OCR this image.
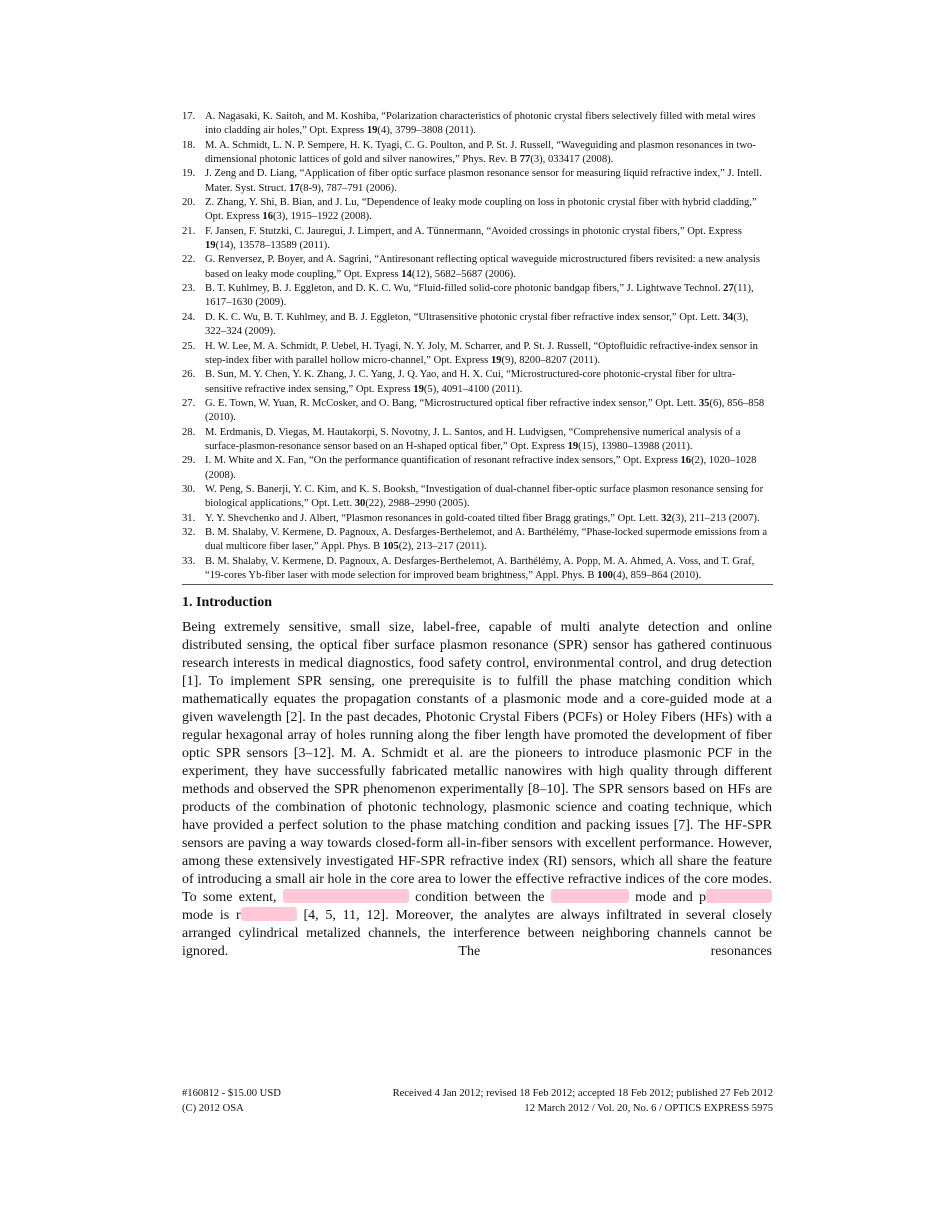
17. A. Nagasaki, K. Saitoh, and M. Koshiba, “Polarization characteristics of photonic crystal fibers selectively filled with metal wires into cladding air holes,” Opt. Express 19(4), 3799–3808 (2011).
18. M. A. Schmidt, L. N. P. Sempere, H. K. Tyagi, C. G. Poulton, and P. St. J. Russell, “Waveguiding and plasmon resonances in two-dimensional photonic lattices of gold and silver nanowires,” Phys. Rev. B 77(3), 033417 (2008).
19. J. Zeng and D. Liang, “Application of fiber optic surface plasmon resonance sensor for measuring liquid refractive index,” J. Intell. Mater. Syst. Struct. 17(8-9), 787–791 (2006).
20. Z. Zhang, Y. Shi, B. Bian, and J. Lu, “Dependence of leaky mode coupling on loss in photonic crystal fiber with hybrid cladding,” Opt. Express 16(3), 1915–1922 (2008).
21. F. Jansen, F. Stutzki, C. Jauregui, J. Limpert, and A. Tünnermann, “Avoided crossings in photonic crystal fibers,” Opt. Express 19(14), 13578–13589 (2011).
22. G. Renversez, P. Boyer, and A. Sagrini, “Antiresonant reflecting optical waveguide microstructured fibers revisited: a new analysis based on leaky mode coupling,” Opt. Express 14(12), 5682–5687 (2006).
23. B. T. Kuhlmey, B. J. Eggleton, and D. K. C. Wu, “Fluid-filled solid-core photonic bandgap fibers,” J. Lightwave Technol. 27(11), 1617–1630 (2009).
24. D. K. C. Wu, B. T. Kuhlmey, and B. J. Eggleton, “Ultrasensitive photonic crystal fiber refractive index sensor,” Opt. Lett. 34(3), 322–324 (2009).
25. H. W. Lee, M. A. Schmidt, P. Uebel, H. Tyagi, N. Y. Joly, M. Scharrer, and P. St. J. Russell, “Optofluidic refractive-index sensor in step-index fiber with parallel hollow micro-channel,” Opt. Express 19(9), 8200–8207 (2011).
26. B. Sun, M. Y. Chen, Y. K. Zhang, J. C. Yang, J. Q. Yao, and H. X. Cui, “Microstructured-core photonic-crystal fiber for ultra-sensitive refractive index sensing,” Opt. Express 19(5), 4091–4100 (2011).
27. G. E. Town, W. Yuan, R. McCosker, and O. Bang, “Microstructured optical fiber refractive index sensor,” Opt. Lett. 35(6), 856–858 (2010).
28. M. Erdmanis, D. Viegas, M. Hautakorpi, S. Novotny, J. L. Santos, and H. Ludvigsen, “Comprehensive numerical analysis of a surface-plasmon-resonance sensor based on an H-shaped optical fiber,” Opt. Express 19(15), 13980–13988 (2011).
29. I. M. White and X. Fan, “On the performance quantification of resonant refractive index sensors,” Opt. Express 16(2), 1020–1028 (2008).
30. W. Peng, S. Banerji, Y. C. Kim, and K. S. Booksh, “Investigation of dual-channel fiber-optic surface plasmon resonance sensing for biological applications,” Opt. Lett. 30(22), 2988–2990 (2005).
31. Y. Y. Shevchenko and J. Albert, “Plasmon resonances in gold-coated tilted fiber Bragg gratings,” Opt. Lett. 32(3), 211–213 (2007).
32. B. M. Shalaby, V. Kermene, D. Pagnoux, A. Desfarges-Berthelemot, and A. Barthélémy, “Phase-locked supermode emissions from a dual multicore fiber laser,” Appl. Phys. B 105(2), 213–217 (2011).
33. B. M. Shalaby, V. Kermene, D. Pagnoux, A. Desfarges-Berthelemot, A. Barthélémy, A. Popp, M. A. Ahmed, A. Voss, and T. Graf, “19-cores Yb-fiber laser with mode selection for improved beam brightness,” Appl. Phys. B 100(4), 859–864 (2010).
1. Introduction

Being extremely sensitive, small size, label-free, capable of multi analyte detection and online distributed sensing, the optical fiber surface plasmon resonance (SPR) sensor has gathered continuous research interests in medical diagnostics, food safety control, environmental control, and drug detection [1]. To implement SPR sensing, one prerequisite is to fulfill the phase matching condition which mathematically equates the propagation constants of a plasmonic mode and a core-guided mode at a given wavelength [2]. In the past decades, Photonic Crystal Fibers (PCFs) or Holey Fibers (HFs) with a regular hexagonal array of holes running along the fiber length have promoted the development of fiber optic SPR sensors [3–12]. M. A. Schmidt et al. are the pioneers to introduce plasmonic PCF in the experiment, they have successfully fabricated metallic nanowires with high quality through different methods and observed the SPR phenomenon experimentally [8–10]. The SPR sensors based on HFs are products of the combination of photonic technology, plasmonic science and coating technique, which have provided a perfect solution to the phase matching condition and packing issues [7]. The HF-SPR sensors are paving a way towards closed-form all-in-fiber sensors with excellent performance. However, among these extensively investigated HF-SPR refractive index (RI) sensors, which all share the feature of introducing a small air hole in the core area to lower the effective refractive indices of the core modes. To some extent,	condition between the	mode and pmode is r	[4, 5, 11, 12]. Moreover, the analytes are always infiltrated in several closely arranged cylindrical metalized channels, the interference between neighboring channels cannot be ignored. The resonances

#160812 - $15.00 USD	Received 4 Jan 2012; revised 18 Feb 2012; accepted 18 Feb 2012; published 27 Feb 2012
(C) 2012 OSA	12 March 2012 / Vol. 20, No. 6 / OPTICS EXPRESS 5975
